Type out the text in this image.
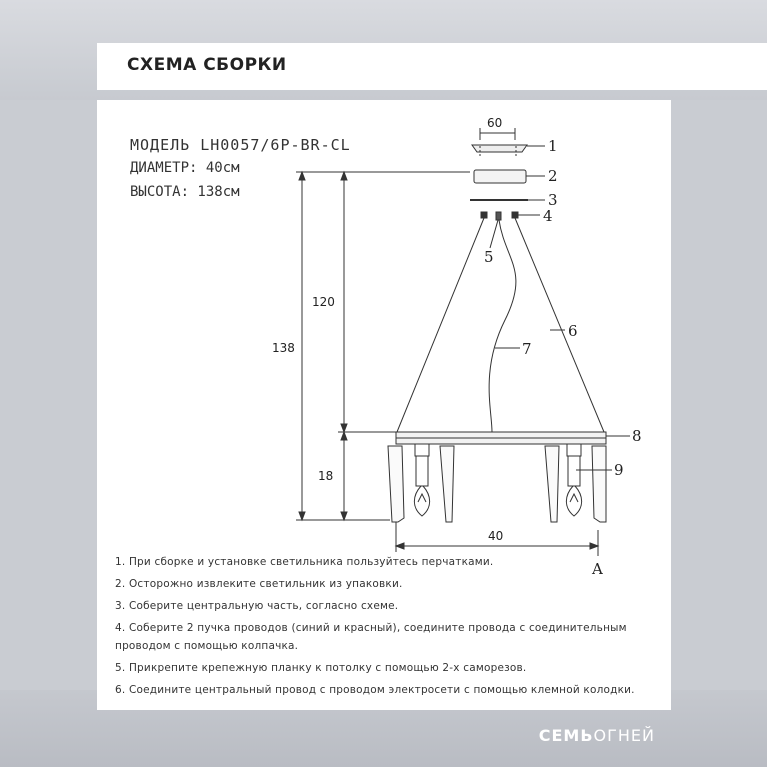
СХЕМА СБОРКИ
МОДЕЛЬ LH0057/6P-BR-CL
ДИАМЕТР: 40см
ВЫСОТА: 138см
60
138
120
18
40
1
2
3
4
5
6
7
8
9
A
1. При сборке и установке светильника пользуйтесь перчатками.
2. Осторожно извлеките светильник из упаковки.
3. Соберите центральную часть, согласно схеме.
4. Соберите 2 пучка проводов (синий и красный), соедините провода с соединительным проводом с помощью колпачка.
5. Прикрепите крепежную планку к потолку с помощью 2-х саморезов.
6. Соедините центральный провод с проводом электросети с помощью клемной колодки.
СЕМЬОГНЕЙ
